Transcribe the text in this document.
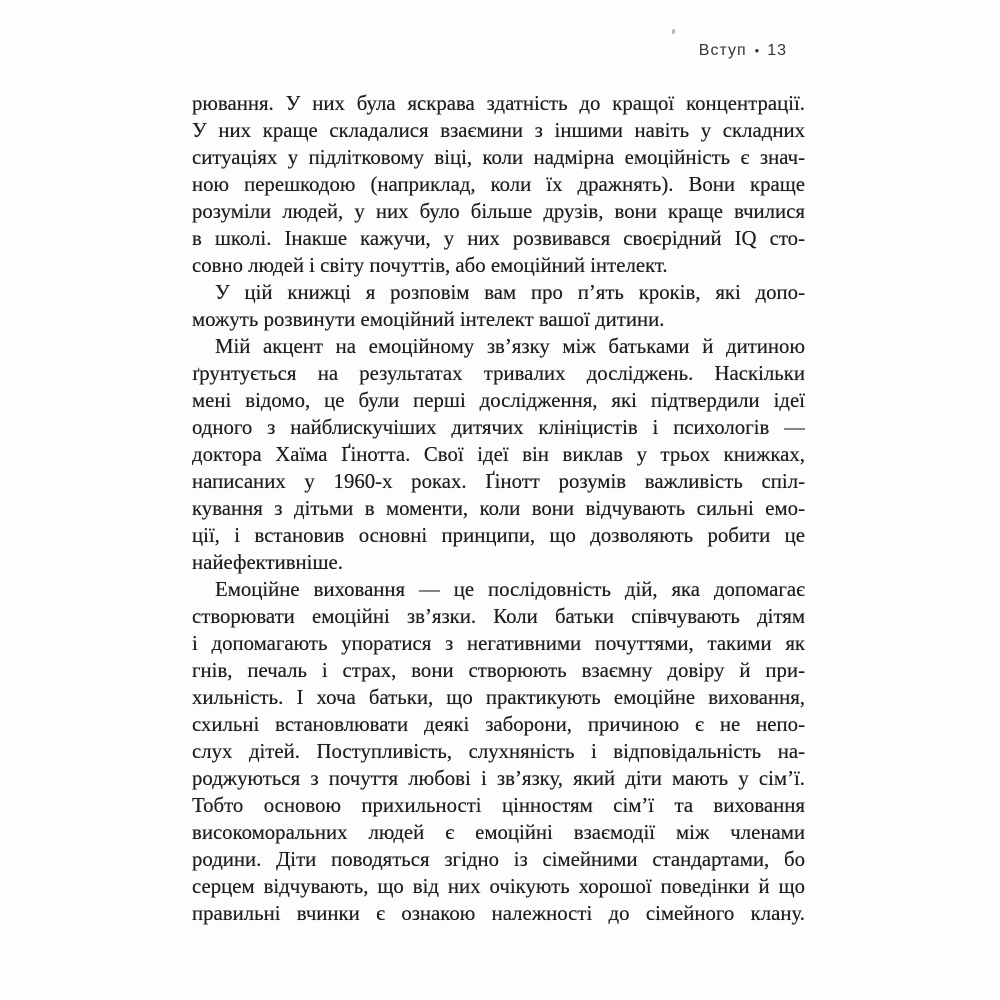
Вступ • 13
рювання. У них була яскрава здатність до кращої концентрації.
У них краще складалися взаємини з іншими навіть у складних
ситуаціях у підлітковому віці, коли надмірна емоційність є знач-
ною перешкодою (наприклад, коли їх дражнять). Вони краще
розуміли людей, у них було більше друзів, вони краще вчилися
в школі. Інакше кажучи, у них розвивався своєрідний IQ сто-
совно людей і світу почуттів, або емоційний інтелект.
У цій книжці я розповім вам про п’ять кроків, які допо-
можуть розвинути емоційний інтелект вашої дитини.
Мій акцент на емоційному зв’язку між батьками й дитиною
ґрунтується на результатах тривалих досліджень. Наскільки
мені відомо, це були перші дослідження, які підтвердили ідеї
одного з найблискучіших дитячих клініцистів і психологів —
доктора Хаїма Ґінотта. Свої ідеї він виклав у трьох книжках,
написаних у 1960-х роках. Ґінотт розумів важливість спіл-
кування з дітьми в моменти, коли вони відчувають сильні емо-
ції, і встановив основні принципи, що дозволяють робити це
найефективніше.
Емоційне виховання — це послідовність дій, яка допомагає
створювати емоційні зв’язки. Коли батьки співчувають дітям
і допомагають упоратися з негативними почуттями, такими як
гнів, печаль і страх, вони створюють взаємну довіру й при-
хильність. І хоча батьки, що практикують емоційне виховання,
схильні встановлювати деякі заборони, причиною є не непо-
слух дітей. Поступливість, слухняність і відповідальність на-
роджуються з почуття любові і зв’язку, який діти мають у сім’ї.
Тобто основою прихильності цінностям сім’ї та виховання
високоморальних людей є емоційні взаємодії між членами
родини. Діти поводяться згідно із сімейними стандартами, бо
серцем відчувають, що від них очікують хорошої поведінки й що
правильні вчинки є ознакою належності до сімейного клану.
